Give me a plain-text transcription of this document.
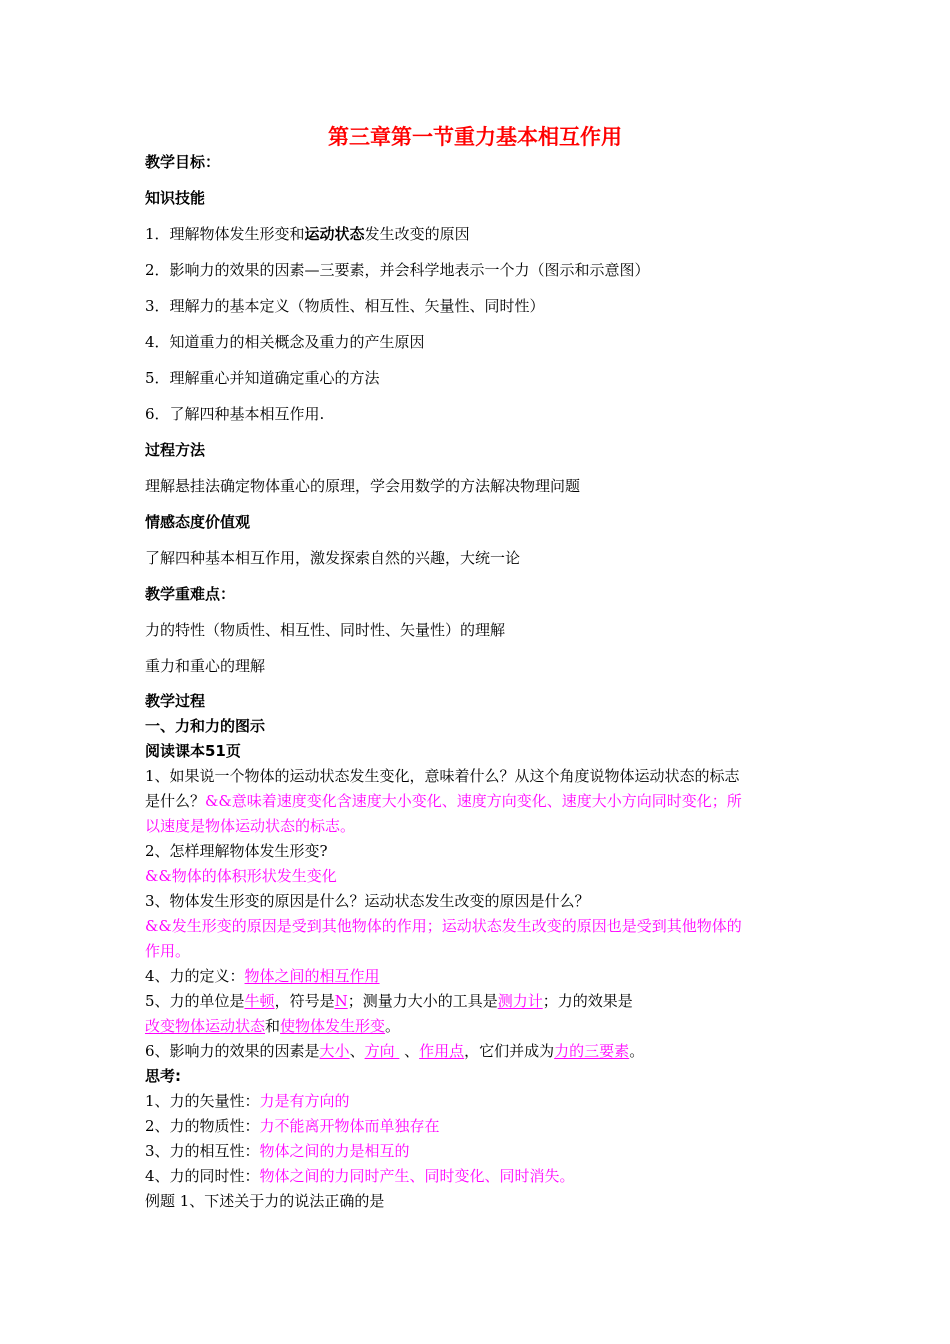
第三章第一节重力基本相互作用
教学目标：
知识技能
1．理解物体发生形变和运动状态发生改变的原因
2．影响力的效果的因素—三要素，并会科学地表示一个力（图示和示意图）
3．理解力的基本定义（物质性、相互性、矢量性、同时性）
4．知道重力的相关概念及重力的产生原因
5．理解重心并知道确定重心的方法
6．了解四种基本相互作用.
过程方法
理解悬挂法确定物体重心的原理，学会用数学的方法解决物理问题
情感态度价值观
了解四种基本相互作用，激发探索自然的兴趣，大统一论
教学重难点：
力的特性（物质性、相互性、同时性、矢量性）的理解
重力和重心的理解
教学过程
一、力和力的图示
阅读课本51页
1、如果说一个物体的运动状态发生变化，意味着什么？从这个角度说物体运动状态的标志
是什么？&&意味着速度变化含速度大小变化、速度方向变化、速度大小方向同时变化；所
以速度是物体运动状态的标志。
2、怎样理解物体发生形变?
&&物体的体积形状发生变化
3、物体发生形变的原因是什么？运动状态发生改变的原因是什么？
&&发生形变的原因是受到其他物体的作用；运动状态发生改变的原因也是受到其他物体的
作用。
4、力的定义：物体之间的相互作用
5、力的单位是牛顿，符号是N；测量力大小的工具是测力计；力的效果是
改变物体运动状态和使物体发生形变。
6、影响力的效果的因素是大小、方向  、作用点，它们并成为力的三要素。
思考:
1、力的矢量性：力是有方向的
2、力的物质性：力不能离开物体而单独存在
3、力的相互性：物体之间的力是相互的
4、力的同时性：物体之间的力同时产生、同时变化、同时消失。
例题 1、下述关于力的说法正确的是
